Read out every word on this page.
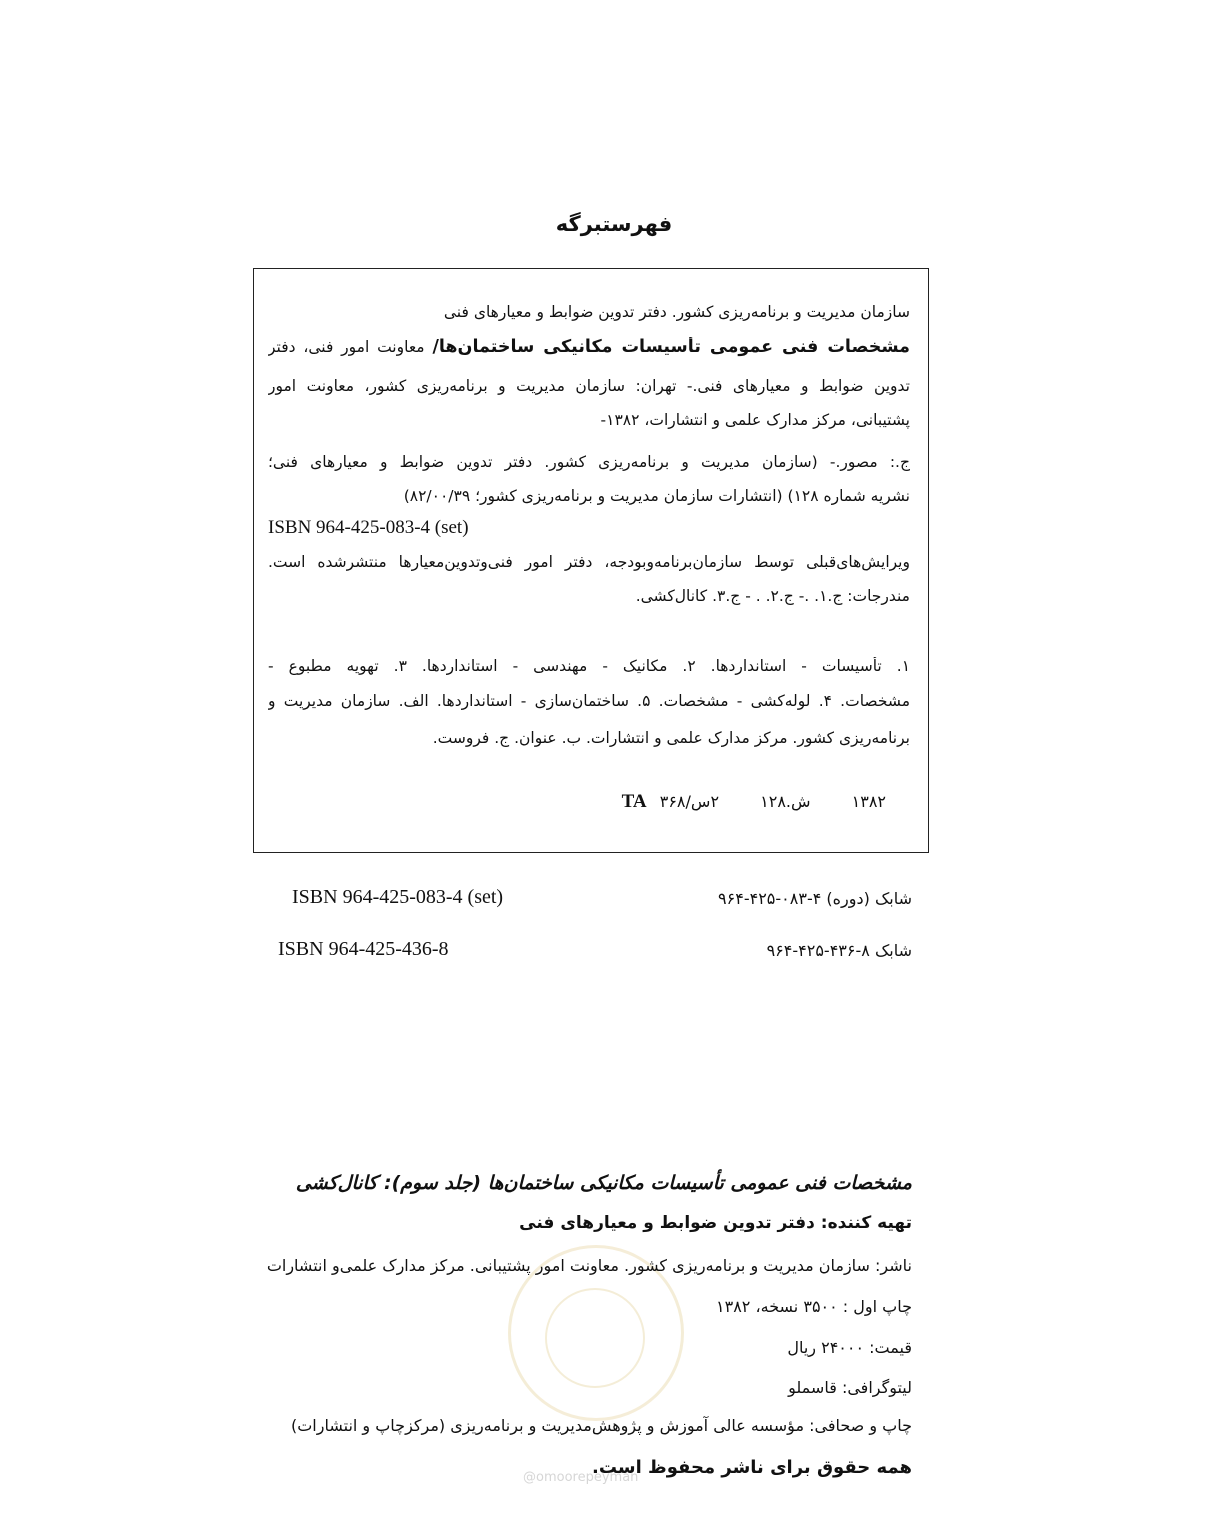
فهرستبرگه
سازمان مدیریت و برنامه‌ریزی کشور. دفتر تدوین ضوابط و معیارهای فنی
مشخصات فنی عمومی تأسیسات مکانیکی ساختمان‌ها/ معاونت امور فنی، دفتر
تدوین ضوابط و معیارهای فنی.- تهران: سازمان مدیریت و برنامه‌ریزی کشور، معاونت امور
پشتیبانی، مرکز مدارک علمی و انتشارات، ۱۳۸۲-
ج.: مصور.- (سازمان مدیریت و برنامه‌ریزی کشور. دفتر تدوین ضوابط و معیارهای فنی؛
نشریه شماره ۱۲۸) (انتشارات سازمان مدیریت و برنامه‌ریزی کشور؛ ۸۲/۰۰/۳۹)
ISBN 964-425-083-4 (set)
ویرایش‌های‌قبلی توسط سازمان‌برنامه‌وبودجه، دفتر امور فنی‌وتدوین‌معیارها منتشرشده است.
مندرجات: ج.۱. .- ج.۲. . - ج.۳. کانال‌کشی.
۱. تأسیسات - استانداردها. ۲. مکانیک - مهندسی - استانداردها. ۳. تهویه مطبوع -
مشخصات. ۴. لوله‌کشی - مشخصات. ۵. ساختمان‌سازی - استانداردها. الف. سازمان مدیریت و
برنامه‌ریزی کشور. مرکز مدارک علمی و انتشارات. ب. عنوان. ج. فروست.
۱۳۸۲ ش.۱۲۸ ۲س/۳۶۸ TA
ISBN 964-425-083-4 (set)	شابک (دوره) ۴-۰۸۳-۴۲۵-۹۶۴
ISBN 964-425-436-8	شابک ۸-۴۳۶-۴۲۵-۹۶۴
مشخصات فنی عمومی تأسیسات مکانیکی ساختمان‌ها (جلد سوم): کانال‌کشی
تهیه کننده: دفتر تدوین ضوابط و معیارهای فنی
ناشر: سازمان مدیریت و برنامه‌ریزی کشور. معاونت امور پشتیبانی. مرکز مدارک علمی‌و انتشارات
چاپ اول : ۳۵۰۰ نسخه، ۱۳۸۲
قیمت: ۲۴۰۰۰ ریال
لیتوگرافی: قاسملو
چاپ و صحافی: مؤسسه عالی آموزش و پژوهش‌مدیریت و برنامه‌ریزی (مرکزچاپ و انتشارات)
همه حقوق برای ناشر محفوظ است.
@omoorepeyman
